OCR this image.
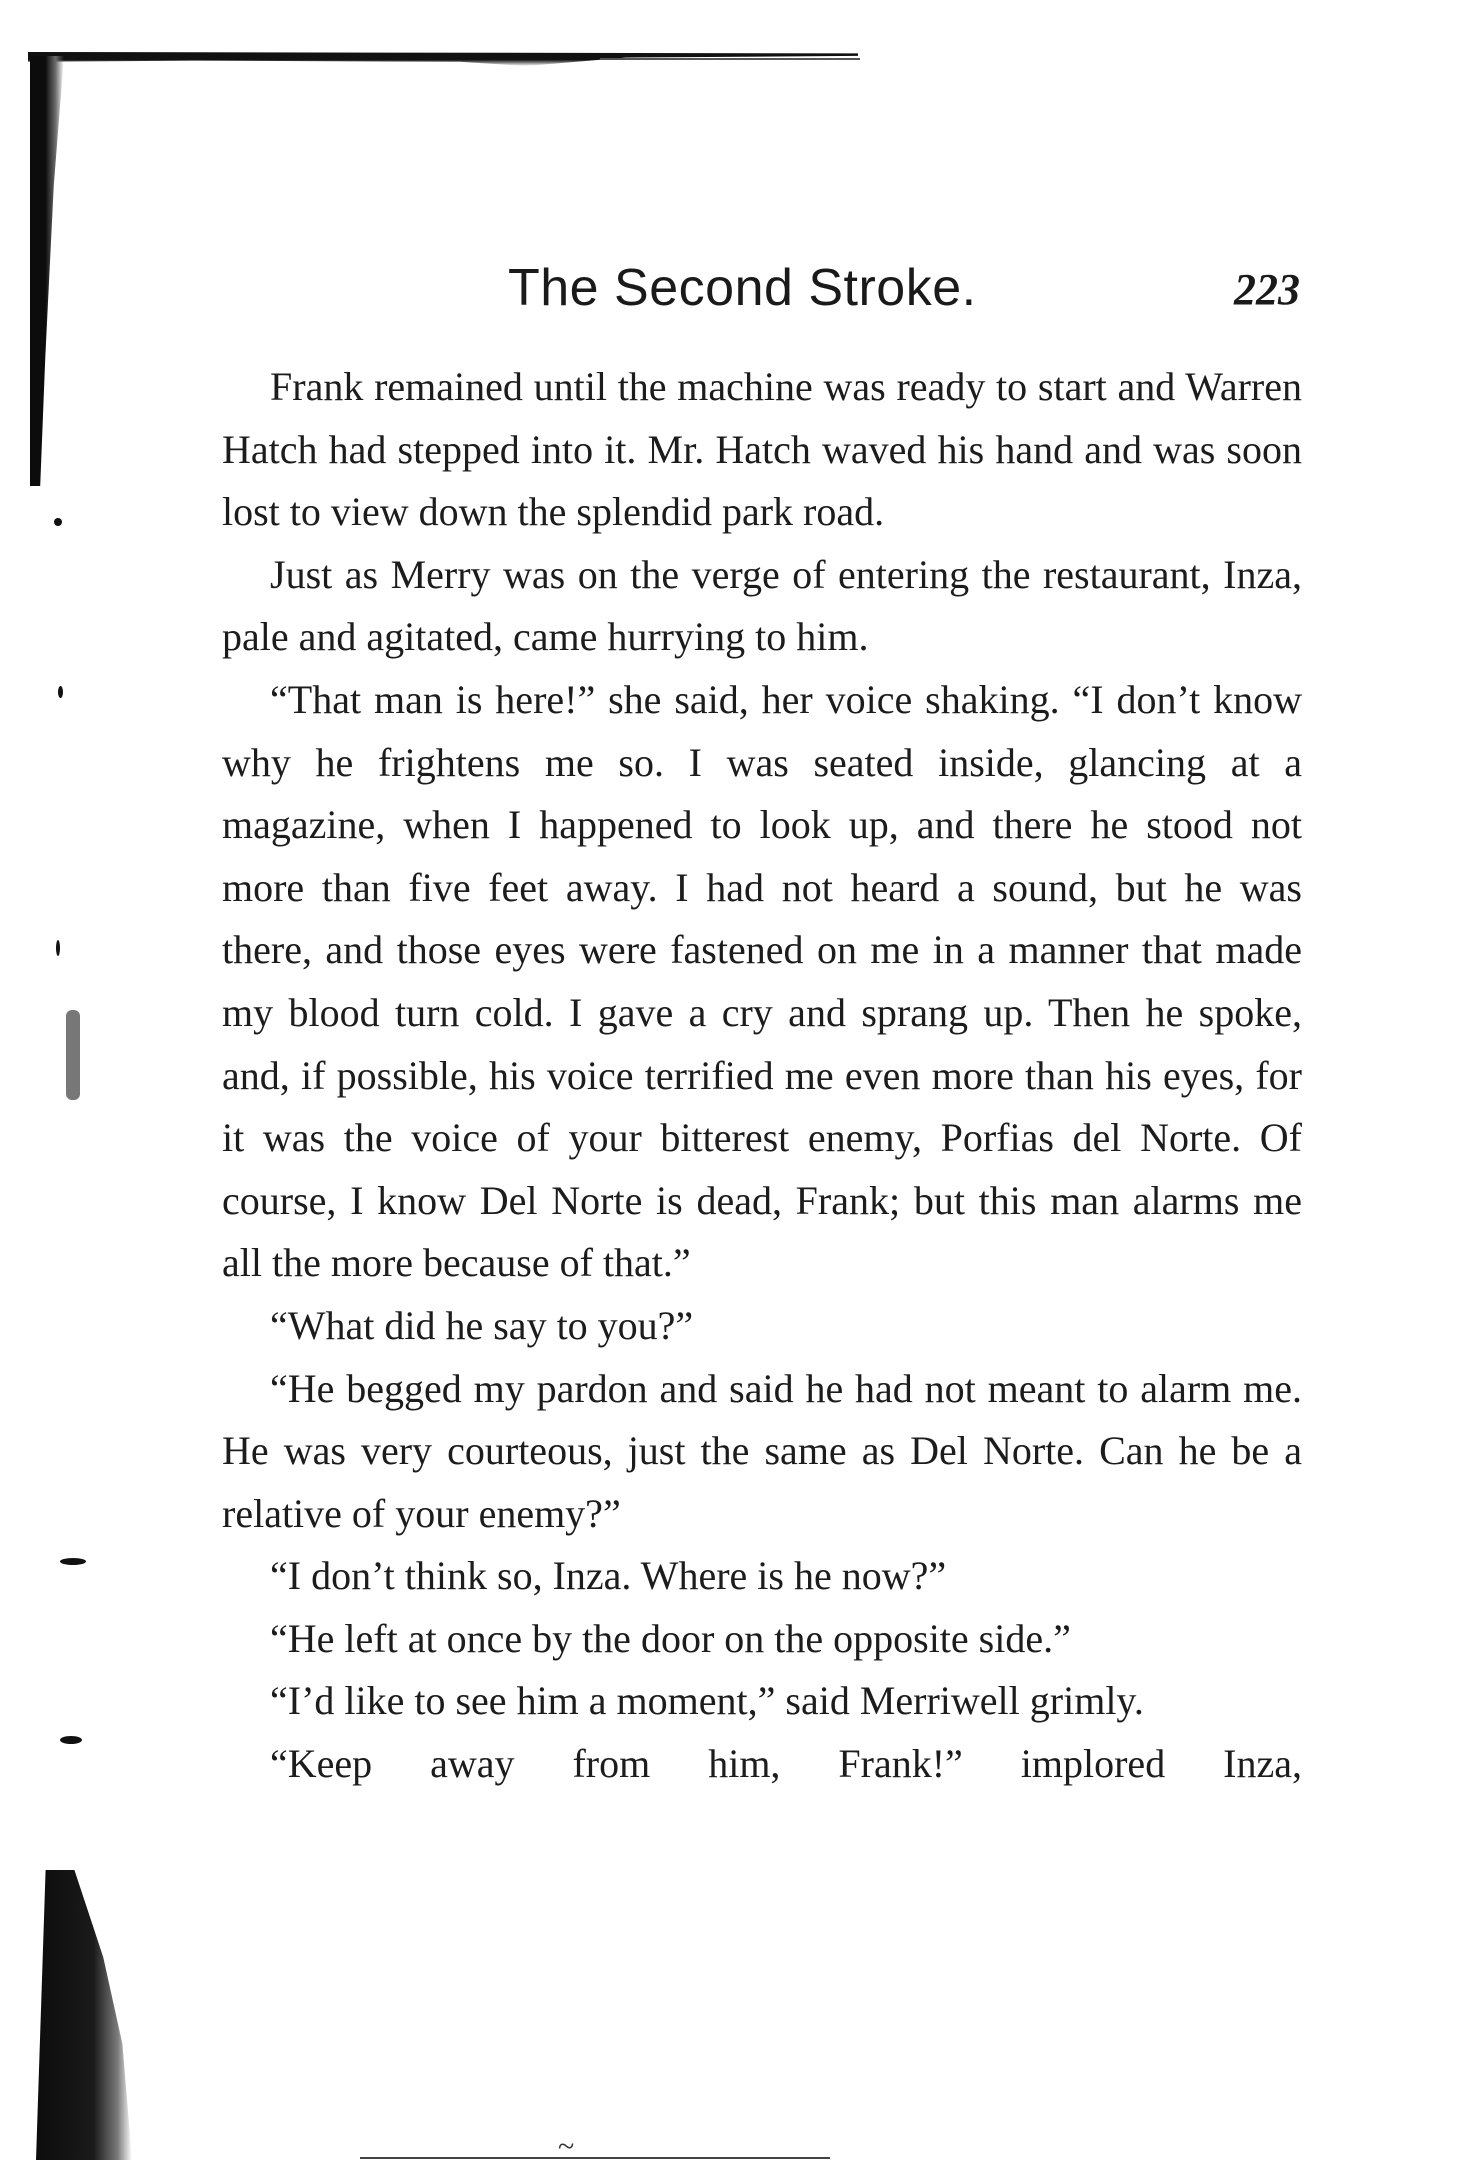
~
The Second Stroke.	223

Frank remained until the machine was ready to start and Warren Hatch had stepped into it. Mr. Hatch waved his hand and was soon lost to view down the splendid park road.

Just as Merry was on the verge of entering the restaurant, Inza, pale and agitated, came hurrying to him.

“That man is here!” she said, her voice shaking. “I don’t know why he frightens me so. I was seated inside, glancing at a magazine, when I happened to look up, and there he stood not more than five feet away. I had not heard a sound, but he was there, and those eyes were fastened on me in a manner that made my blood turn cold. I gave a cry and sprang up. Then he spoke, and, if possible, his voice terrified me even more than his eyes, for it was the voice of your bitterest enemy, Porfias del Norte. Of course, I know Del Norte is dead, Frank; but this man alarms me all the more because of that.”

“What did he say to you?”

“He begged my pardon and said he had not meant to alarm me. He was very courteous, just the same as Del Norte. Can he be a relative of your enemy?”

“I don’t think so, Inza. Where is he now?”

“He left at once by the door on the opposite side.”

“I’d like to see him a moment,” said Merriwell grimly.

“Keep away from him, Frank!” implored Inza,
